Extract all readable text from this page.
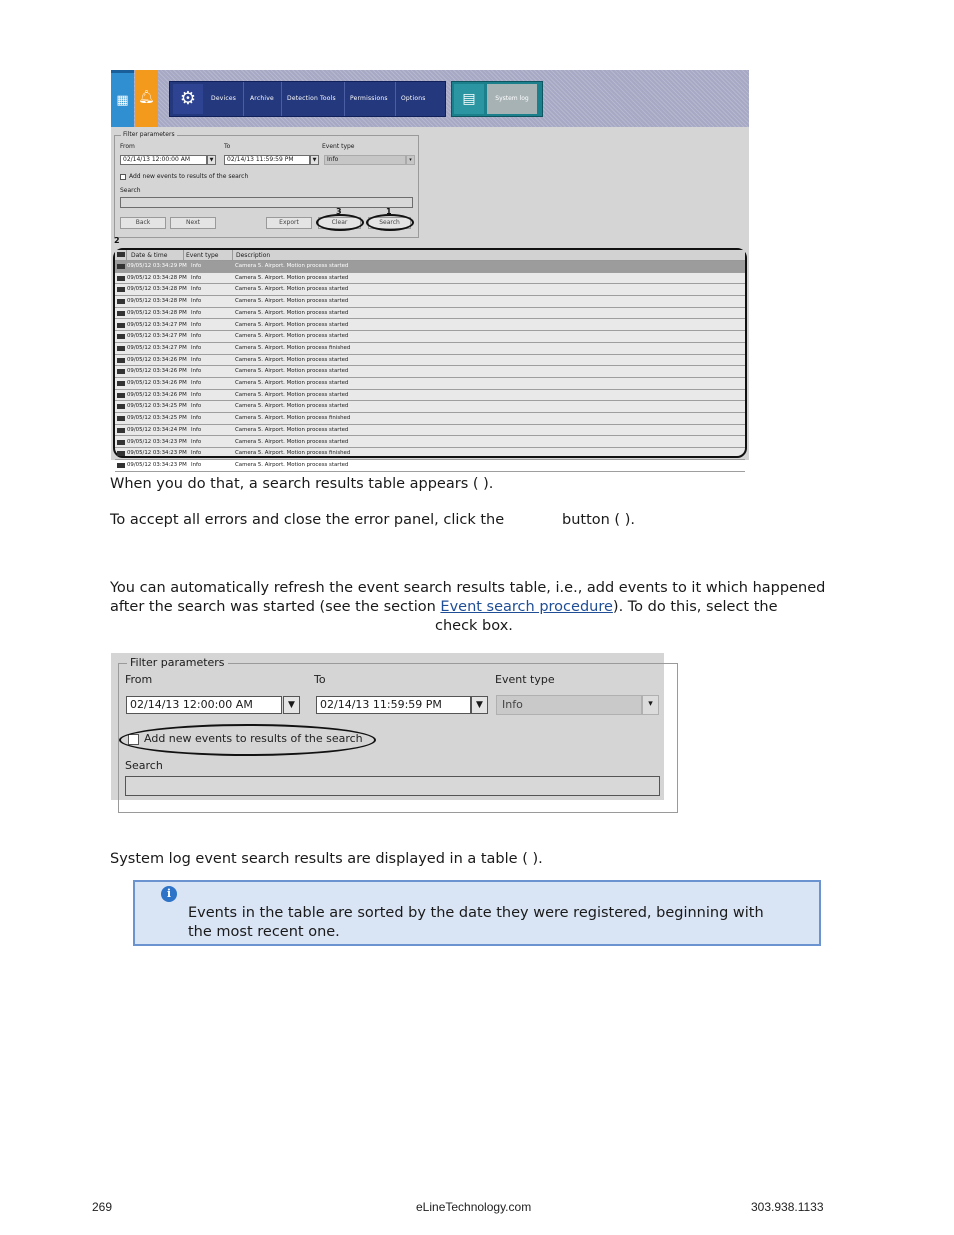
▦ 🔔︎	⚙	Devices Archive Detection Tools Permissions Options	▤	System log
Filter parameters
From	To	Event type
02/14/13 12:00:00 AM	▼	02/14/13 11:59:59 PM	▼	Info	▾
Add new events to results of the search
Search
Back	Next	Export	Clear	Search
3	1
2
Date & time	Event type	Description
09/05/12 03:34:29 PM Info	Camera 5. Airport. Motion process started
09/05/12 03:34:28 PM Info	Camera 5. Airport. Motion process started
09/05/12 03:34:28 PM Info	Camera 5. Airport. Motion process started
09/05/12 03:34:28 PM Info	Camera 5. Airport. Motion process started
09/05/12 03:34:28 PM Info	Camera 5. Airport. Motion process started
09/05/12 03:34:27 PM Info	Camera 5. Airport. Motion process started
09/05/12 03:34:27 PM Info	Camera 5. Airport. Motion process started
09/05/12 03:34:27 PM Info	Camera 5. Airport. Motion process finished
09/05/12 03:34:26 PM Info	Camera 5. Airport. Motion process started
09/05/12 03:34:26 PM Info	Camera 5. Airport. Motion process started
09/05/12 03:34:26 PM Info	Camera 5. Airport. Motion process started
09/05/12 03:34:26 PM Info	Camera 5. Airport. Motion process started
09/05/12 03:34:25 PM Info	Camera 5. Airport. Motion process started
09/05/12 03:34:25 PM Info	Camera 5. Airport. Motion process finished
09/05/12 03:34:24 PM Info	Camera 5. Airport. Motion process started
09/05/12 03:34:23 PM Info	Camera 5. Airport. Motion process started
09/05/12 03:34:23 PM Info	Camera 5. Airport. Motion process finished
09/05/12 03:34:23 PM Info	Camera 5. Airport. Motion process started
When you do that, a search results table appears ( ).
To accept all errors and close the error panel, click the	button ( ).
You can automatically refresh the event search results table, i.e., add events to it which happened
after the search was started (see the section Event search procedure). To do this, select the
check box.
Filter parameters
From	To	Event type
02/14/13 12:00:00 AM	▼	02/14/13 11:59:59 PM	▼	Info	▾
Add new events to results of the search
Search
System log event search results are displayed in a table ( ).
i
Events in the table are sorted by the date they were registered, beginning with
the most recent one.
269	eLineTechnology.com	303.938.1133
